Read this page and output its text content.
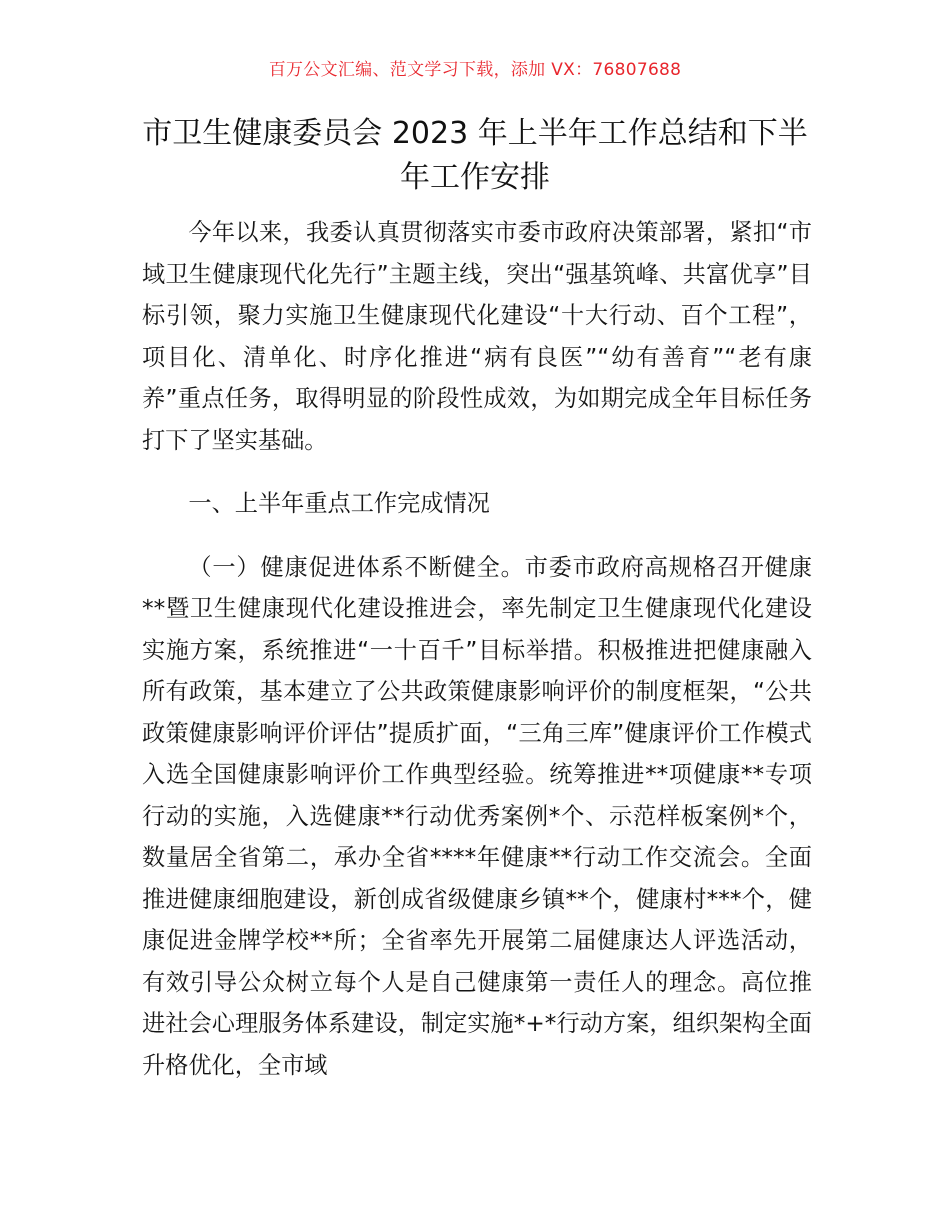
百万公文汇编、范文学习下载，添加 VX：76807688
市卫生健康委员会 2023 年上半年工作总结和下半年工作安排

今年以来，我委认真贯彻落实市委市政府决策部署，紧扣“市域卫生健康现代化先行”主题主线，突出“强基筑峰、共富优享”目标引领，聚力实施卫生健康现代化建设“十大行动、百个工程”，项目化、清单化、时序化推进“病有良医”“幼有善育”“老有康养”重点任务，取得明显的阶段性成效，为如期完成全年目标任务打下了坚实基础。

一、上半年重点工作完成情况

（一）健康促进体系不断健全。市委市政府高规格召开健康**暨卫生健康现代化建设推进会，率先制定卫生健康现代化建设实施方案，系统推进“一十百千”目标举措。积极推进把健康融入所有政策，基本建立了公共政策健康影响评价的制度框架，“公共政策健康影响评价评估”提质扩面，“三角三库”健康评价工作模式入选全国健康影响评价工作典型经验。统筹推进**项健康**专项行动的实施，入选健康**行动优秀案例*个、示范样板案例*个，数量居全省第二，承办全省****年健康**行动工作交流会。全面推进健康细胞建设，新创成省级健康乡镇**个，健康村***个，健康促进金牌学校**所；全省率先开展第二届健康达人评选活动，有效引导公众树立每个人是自己健康第一责任人的理念。高位推进社会心理服务体系建设，制定实施*+*行动方案，组织架构全面升格优化，全市域
